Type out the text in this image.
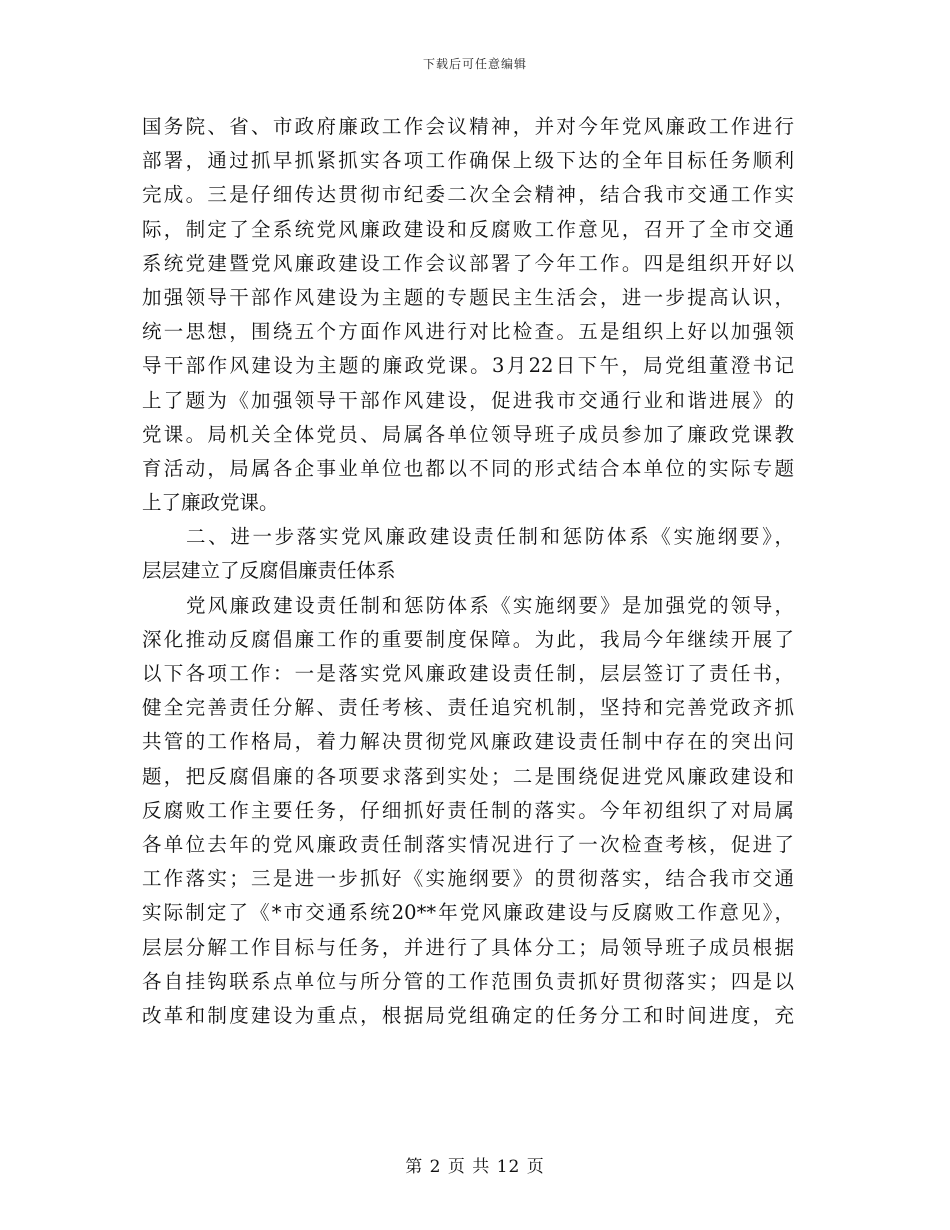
下载后可任意编辑
国务院、省、市政府廉政工作会议精神，并对今年党风廉政工作进行
部署，通过抓早抓紧抓实各项工作确保上级下达的全年目标任务顺利
完成。三是仔细传达贯彻市纪委二次全会精神，结合我市交通工作实
际，制定了全系统党风廉政建设和反腐败工作意见，召开了全市交通
系统党建暨党风廉政建设工作会议部署了今年工作。四是组织开好以
加强领导干部作风建设为主题的专题民主生活会，进一步提高认识，
统一思想，围绕五个方面作风进行对比检查。五是组织上好以加强领
导干部作风建设为主题的廉政党课。3月22日下午，局党组董澄书记
上了题为《加强领导干部作风建设，促进我市交通行业和谐进展》的
党课。局机关全体党员、局属各单位领导班子成员参加了廉政党课教
育活动，局属各企事业单位也都以不同的形式结合本单位的实际专题
上了廉政党课。
二、进一步落实党风廉政建设责任制和惩防体系《实施纲要》，
层层建立了反腐倡廉责任体系
党风廉政建设责任制和惩防体系《实施纲要》是加强党的领导，
深化推动反腐倡廉工作的重要制度保障。为此，我局今年继续开展了
以下各项工作：一是落实党风廉政建设责任制，层层签订了责任书，
健全完善责任分解、责任考核、责任追究机制，坚持和完善党政齐抓
共管的工作格局，着力解决贯彻党风廉政建设责任制中存在的突出问
题，把反腐倡廉的各项要求落到实处；二是围绕促进党风廉政建设和
反腐败工作主要任务，仔细抓好责任制的落实。今年初组织了对局属
各单位去年的党风廉政责任制落实情况进行了一次检查考核，促进了
工作落实；三是进一步抓好《实施纲要》的贯彻落实，结合我市交通
实际制定了《*市交通系统20**年党风廉政建设与反腐败工作意见》，
层层分解工作目标与任务，并进行了具体分工；局领导班子成员根据
各自挂钩联系点单位与所分管的工作范围负责抓好贯彻落实；四是以
改革和制度建设为重点，根据局党组确定的任务分工和时间进度，充
第 2 页 共 12 页
